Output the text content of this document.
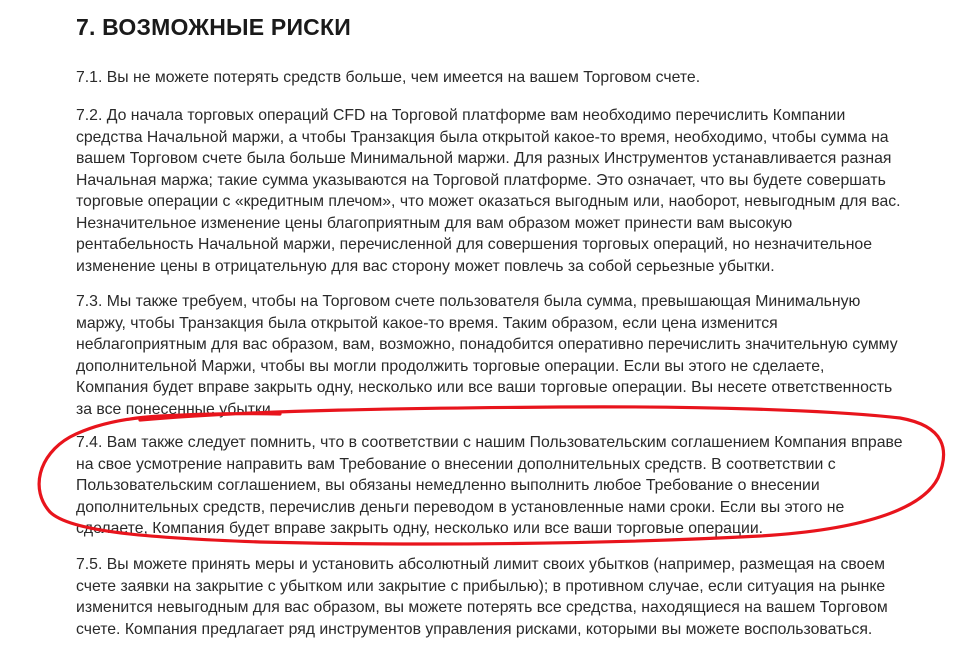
7. ВОЗМОЖНЫЕ РИСКИ
7.1. Вы не можете потерять средств больше, чем имеется на вашем Торговом счете.
7.2. До начала торговых операций CFD на Торговой платформе вам необходимо перечислить Компании
средства Начальной маржи, а чтобы Транзакция была открытой какое-то время, необходимо, чтобы сумма на
вашем Торговом счете была больше Минимальной маржи. Для разных Инструментов устанавливается разная
Начальная маржа; такие сумма указываются на Торговой платформе. Это означает, что вы будете совершать
торговые операции с «кредитным плечом», что может оказаться выгодным или, наоборот, невыгодным для вас.
Незначительное изменение цены благоприятным для вам образом может принести вам высокую
рентабельность Начальной маржи, перечисленной для совершения торговых операций, но незначительное
изменение цены в отрицательную для вас сторону может повлечь за собой серьезные убытки.
7.3. Мы также требуем, чтобы на Торговом счете пользователя была сумма, превышающая Минимальную
маржу, чтобы Транзакция была открытой какое-то время. Таким образом, если цена изменится
неблагоприятным для вас образом, вам, возможно, понадобится оперативно перечислить значительную сумму
дополнительной Маржи, чтобы вы могли продолжить торговые операции. Если вы этого не сделаете,
Компания будет вправе закрыть одну, несколько или все ваши торговые операции. Вы несете ответственность
за все понесенные убытки.
7.4. Вам также следует помнить, что в соответствии с нашим Пользовательским соглашением Компания вправе
на свое усмотрение направить вам Требование о внесении дополнительных средств. В соответствии с
Пользовательским соглашением, вы обязаны немедленно выполнить любое Требование о внесении
дополнительных средств, перечислив деньги переводом в установленные нами сроки. Если вы этого не
сделаете, Компания будет вправе закрыть одну, несколько или все ваши торговые операции.
7.5. Вы можете принять меры и установить абсолютный лимит своих убытков (например, размещая на своем
счете заявки на закрытие с убытком или закрытие с прибылью); в противном случае, если ситуация на рынке
изменится невыгодным для вас образом, вы можете потерять все средства, находящиеся на вашем Торговом
счете. Компания предлагает ряд инструментов управления рисками, которыми вы можете воспользоваться.
